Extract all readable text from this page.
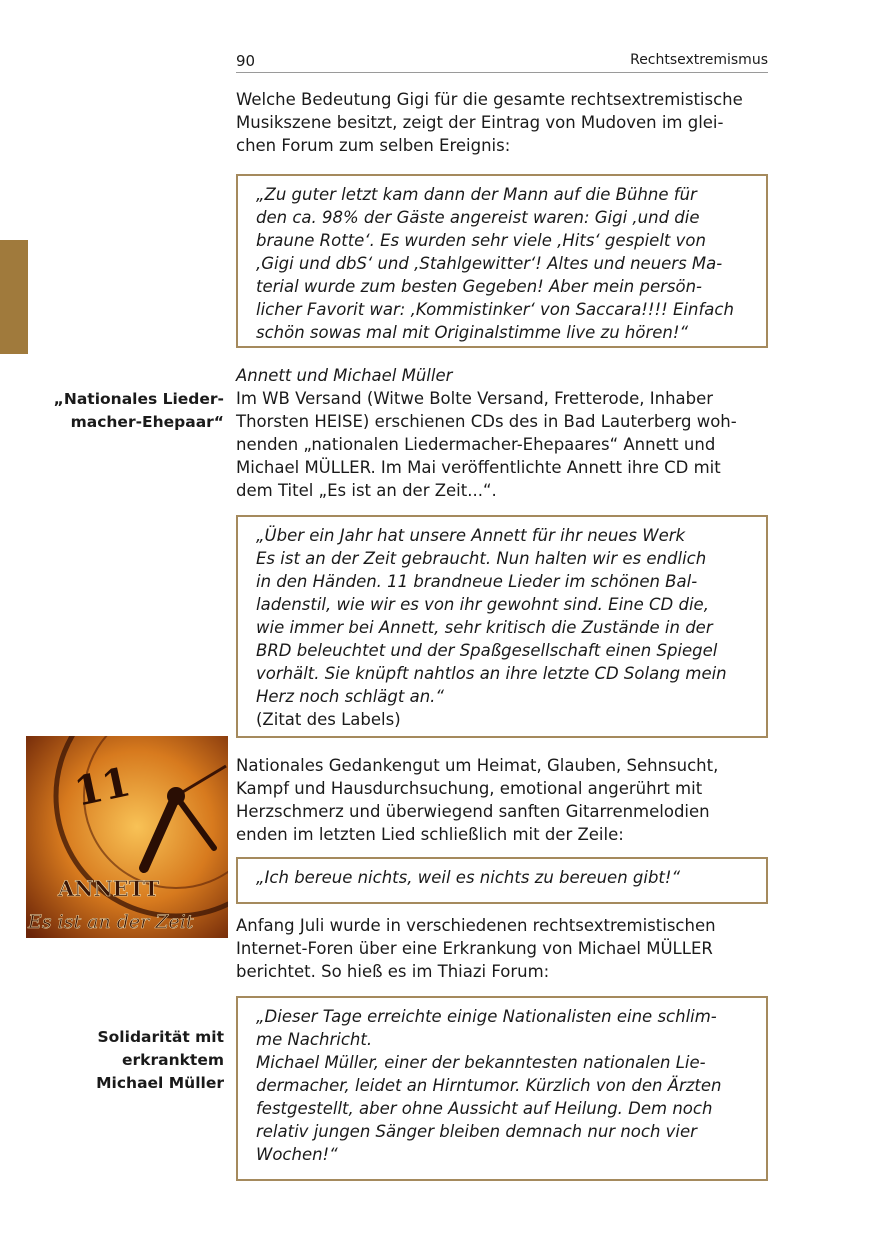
90	Rechtsextremismus

Welche Bedeutung Gigi für die gesamte rechtsextremistische
Musikszene besitzt, zeigt der Eintrag von Mudoven im glei-
chen Forum zum selben Ereignis:

„Zu guter letzt kam dann der Mann auf die Bühne für
den ca. 98% der Gäste angereist waren: Gigi ‚und die
braune Rotte‘. Es wurden sehr viele ‚Hits‘ gespielt von
‚Gigi und dbS‘ und ‚Stahlgewitter‘! Altes und neuers Ma-
terial wurde zum besten Gegeben! Aber mein persön-
licher Favorit war: ‚Kommistinker‘ von Saccara!!!! Einfach
schön sowas mal mit Originalstimme live zu hören!“
„Nationales Lieder-
macher-Ehepaar“

Annett und Michael Müller
Im WB Versand (Witwe Bolte Versand, Fretterode, Inhaber
Thorsten HEISE) erschienen CDs des in Bad Lauterberg woh-
nenden „nationalen Liedermacher-Ehepaares“ Annett und
Michael MÜLLER. Im Mai veröffentlichte Annett ihre CD mit
dem Titel „Es ist an der Zeit...“.

„Über ein Jahr hat unsere Annett für ihr neues Werk
Es ist an der Zeit gebraucht. Nun halten wir es endlich
in den Händen. 11 brandneue Lieder im schönen Bal-
ladenstil, wie wir es von ihr gewohnt sind. Eine CD die,
wie immer bei Annett, sehr kritisch die Zustände in der
BRD beleuchtet und der Spaßgesellschaft einen Spiegel
vorhält. Sie knüpft nahtlos an ihre letzte CD Solang mein
Herz noch schlägt an.“
(Zitat des Labels)
11
ANNETT
Es ist an der Zeit

Nationales Gedankengut um Heimat, Glauben, Sehnsucht,
Kampf und Hausdurchsuchung, emotional angerührt mit
Herzschmerz und überwiegend sanften Gitarrenmelodien
enden im letzten Lied schließlich mit der Zeile:

„Ich bereue nichts, weil es nichts zu bereuen gibt!“

Anfang Juli wurde in verschiedenen rechtsextremistischen
Internet-Foren über eine Erkrankung von Michael MÜLLER
berichtet. So hieß es im Thiazi Forum:

Solidarität mit
erkranktem
Michael Müller
„Dieser Tage erreichte einige Nationalisten eine schlim-
me Nachricht.
Michael Müller, einer der bekanntesten nationalen Lie-
dermacher, leidet an Hirntumor. Kürzlich von den Ärzten
festgestellt, aber ohne Aussicht auf Heilung. Dem noch
relativ jungen Sänger bleiben demnach nur noch vier
Wochen!“
